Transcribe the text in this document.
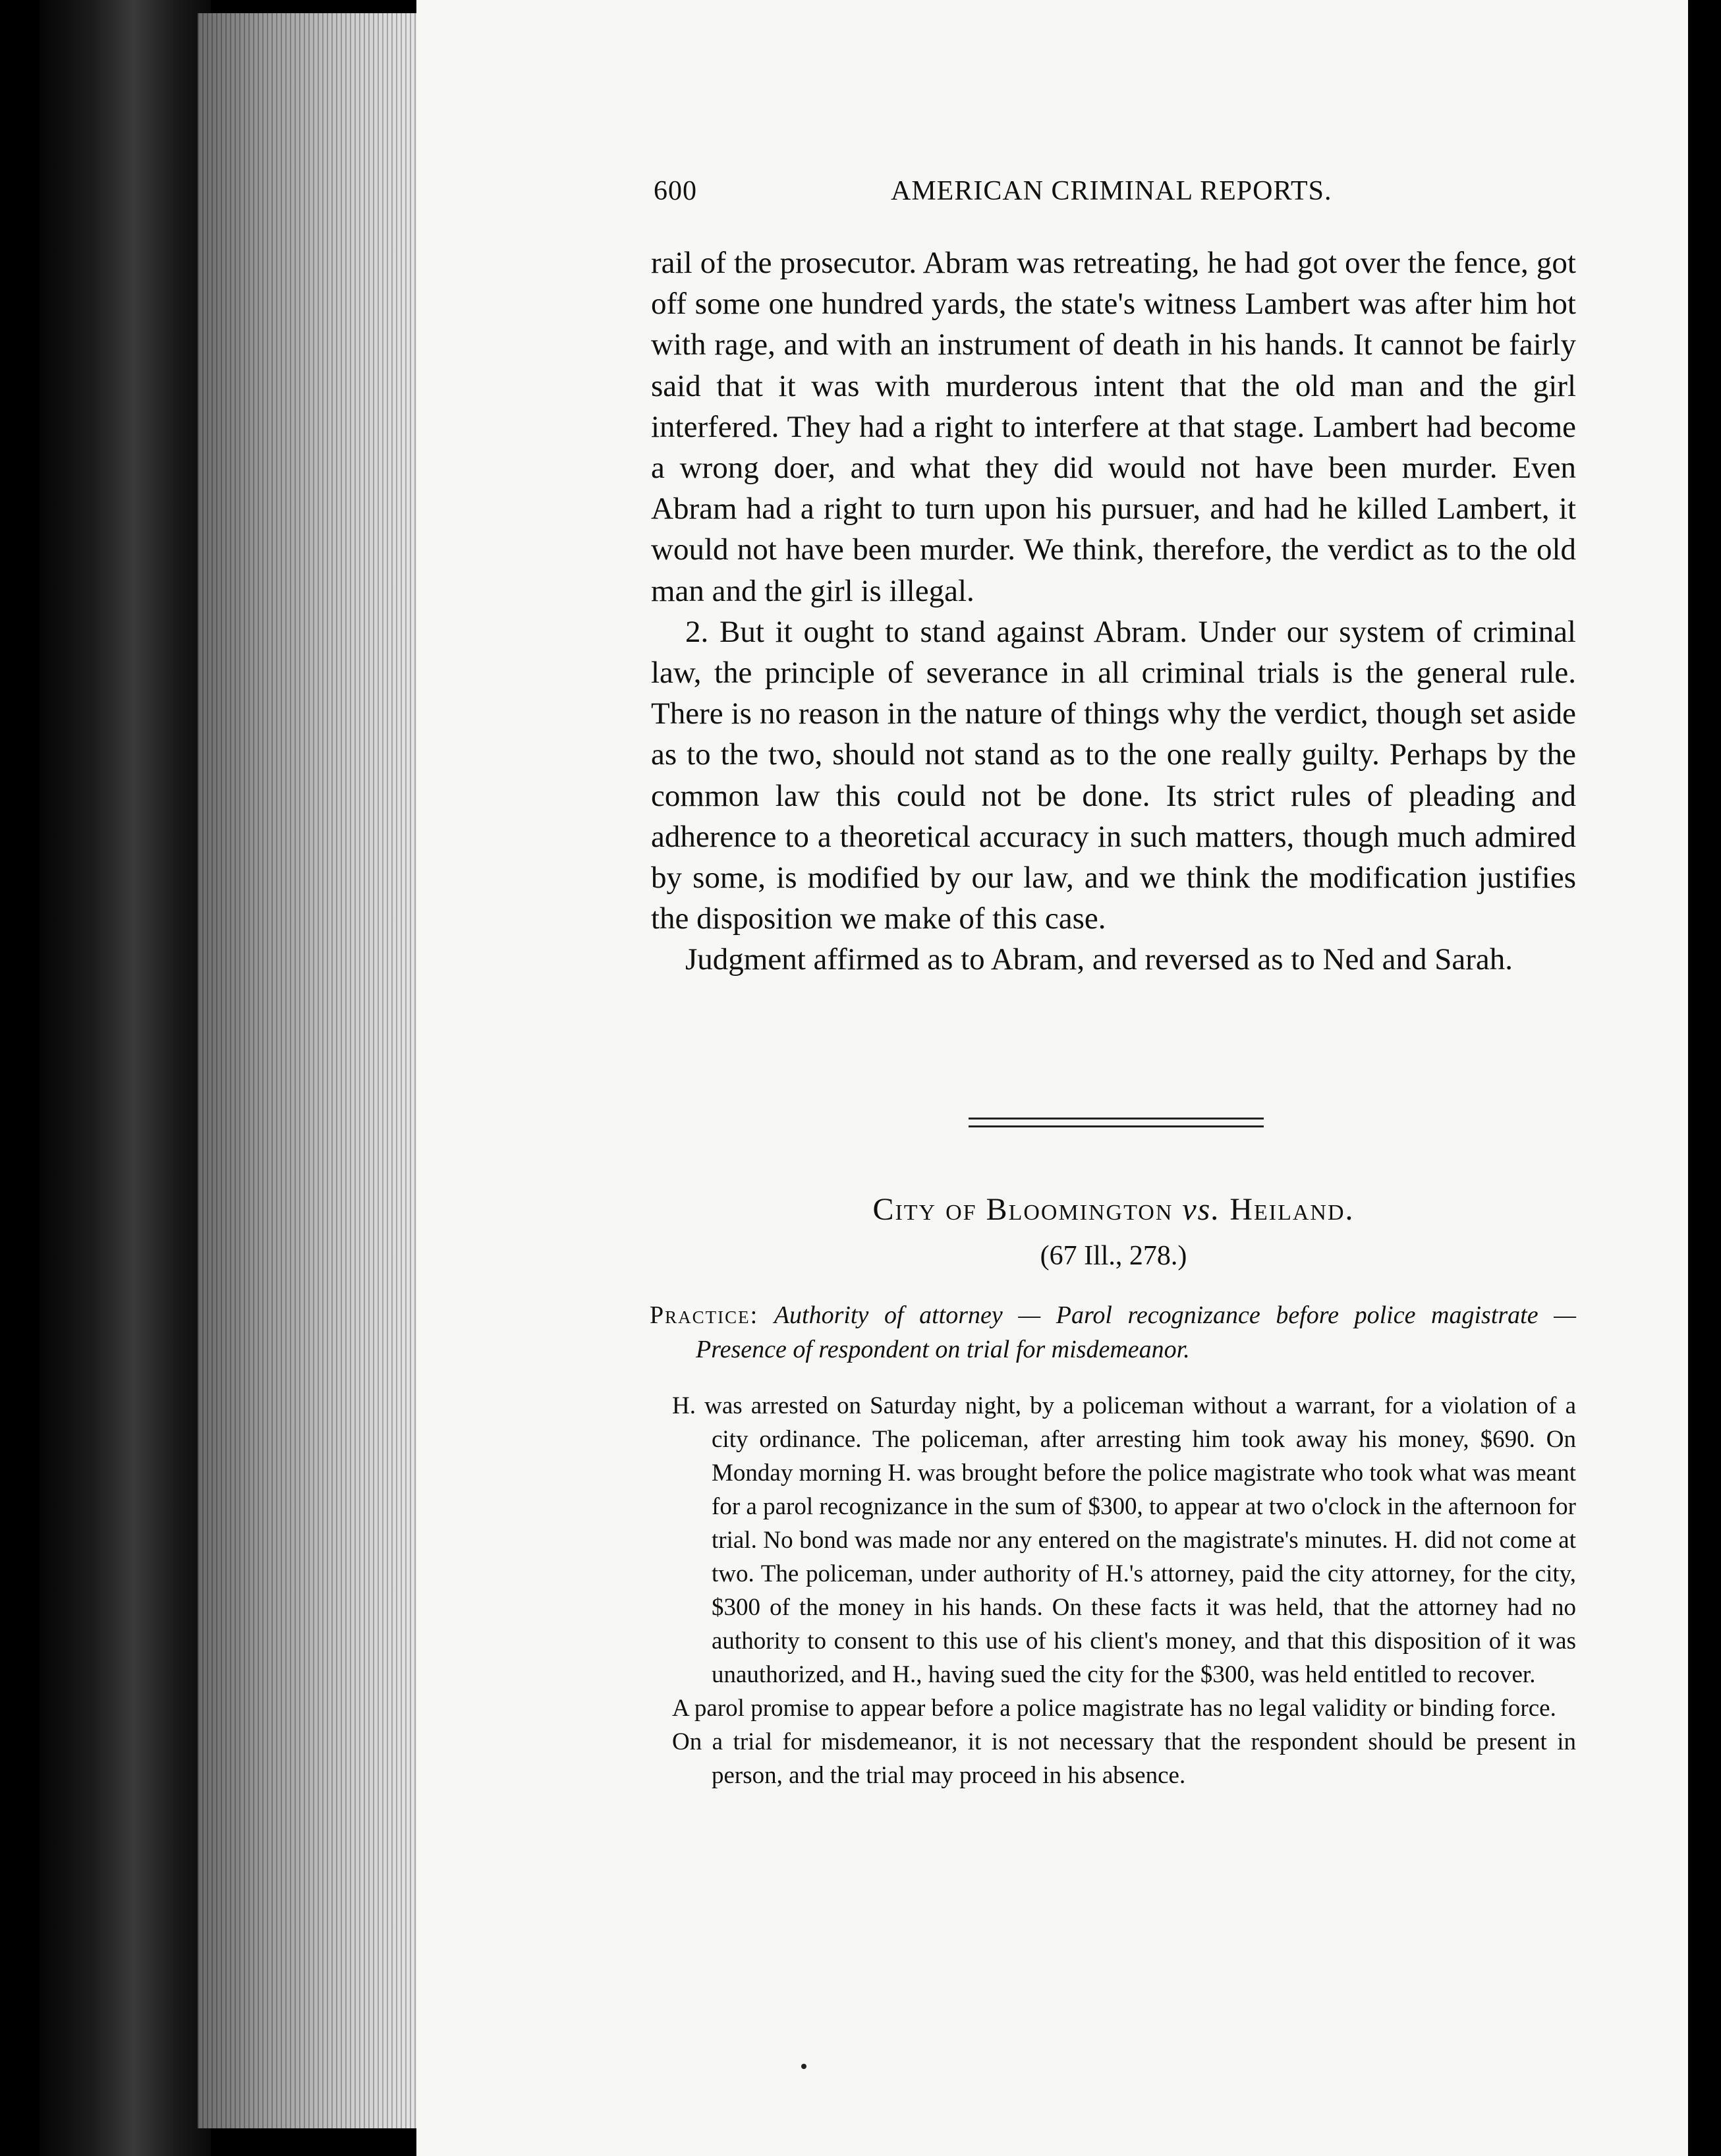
600	AMERICAN CRIMINAL REPORTS.

rail of the prosecutor. Abram was retreating, he had got over the fence, got off some one hundred yards, the state's witness Lambert was after him hot with rage, and with an instrument of death in his hands. It cannot be fairly said that it was with murderous intent that the old man and the girl interfered. They had a right to interfere at that stage. Lambert had become a wrong doer, and what they did would not have been murder. Even Abram had a right to turn upon his pursuer, and had he killed Lambert, it would not have been murder. We think, therefore, the verdict as to the old man and the girl is illegal.

2. But it ought to stand against Abram. Under our system of criminal law, the principle of severance in all criminal trials is the general rule. There is no reason in the nature of things why the verdict, though set aside as to the two, should not stand as to the one really guilty. Perhaps by the common law this could not be done. Its strict rules of pleading and adherence to a theoretical accuracy in such matters, though much admired by some, is modified by our law, and we think the modification justifies the disposition we make of this case.

Judgment affirmed as to Abram, and reversed as to Ned and Sarah.

City of Bloomington vs. Heiland.
(67 Ill., 278.)
Practice: Authority of attorney — Parol recognizance before police magistrate — Presence of respondent on trial for misdemeanor.

H. was arrested on Saturday night, by a policeman without a warrant, for a violation of a city ordinance. The policeman, after arresting him took away his money, $690. On Monday morning H. was brought before the police magistrate who took what was meant for a parol recognizance in the sum of $300, to appear at two o'clock in the afternoon for trial. No bond was made nor any entered on the magistrate's minutes. H. did not come at two. The policeman, under authority of H.'s attorney, paid the city attorney, for the city, $300 of the money in his hands. On these facts it was held, that the attorney had no authority to consent to this use of his client's money, and that this disposition of it was unauthorized, and H., having sued the city for the $300, was held entitled to recover.

A parol promise to appear before a police magistrate has no legal validity or binding force.

On a trial for misdemeanor, it is not necessary that the respondent should be present in person, and the trial may proceed in his absence.
